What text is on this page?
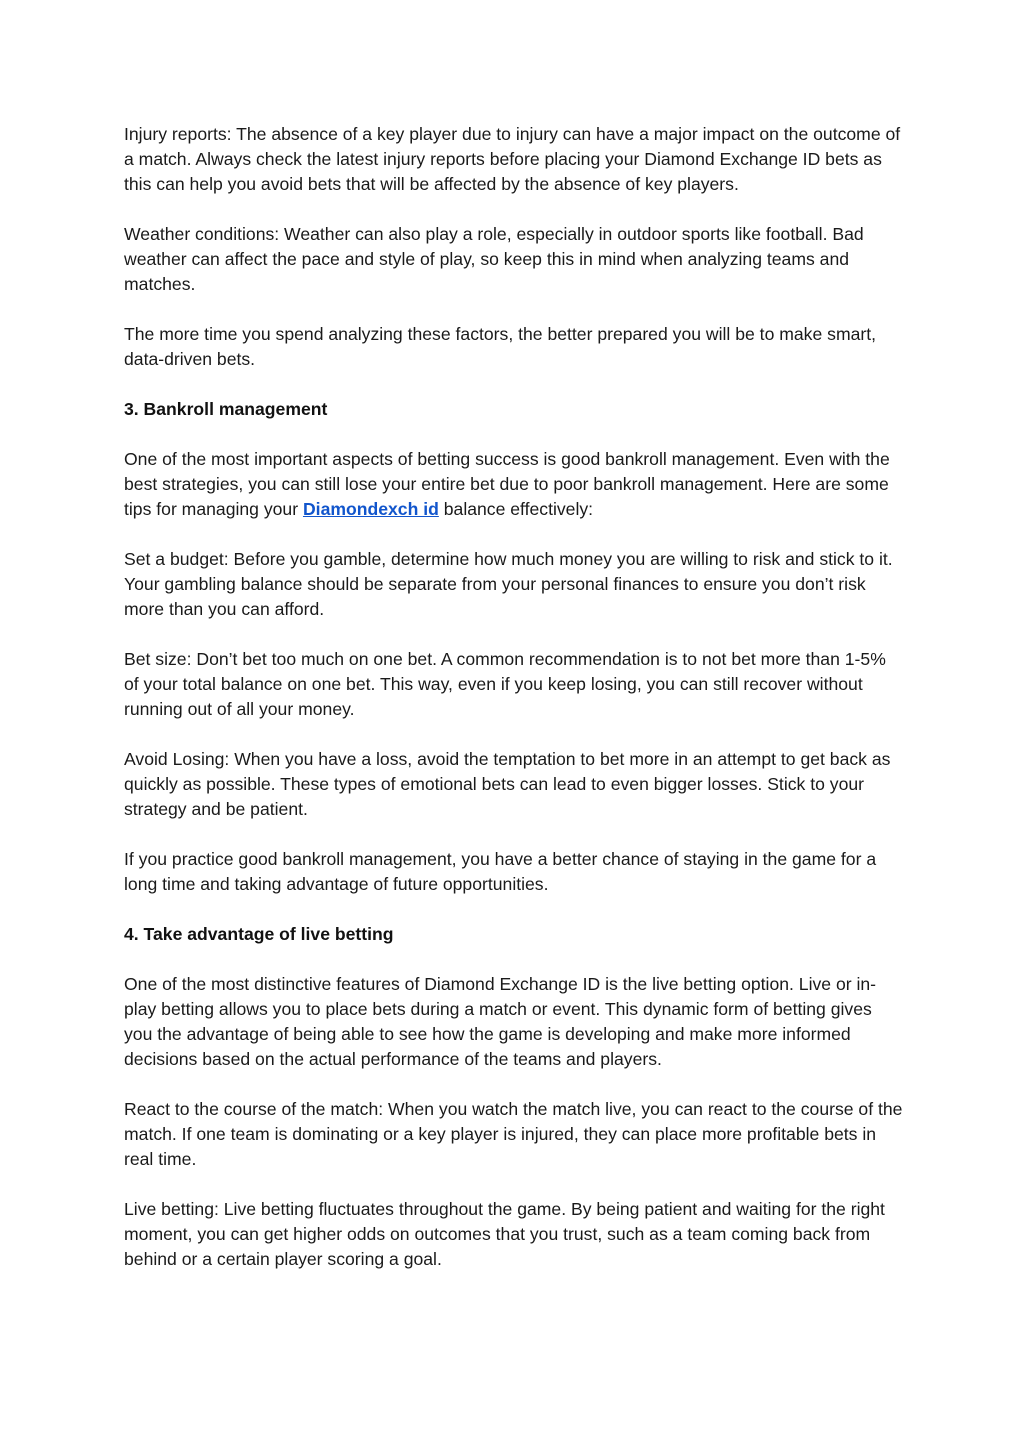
Injury reports: The absence of a key player due to injury can have a major impact on the outcome of a match. Always check the latest injury reports before placing your Diamond Exchange ID bets as this can help you avoid bets that will be affected by the absence of key players.

Weather conditions: Weather can also play a role, especially in outdoor sports like football. Bad weather can affect the pace and style of play, so keep this in mind when analyzing teams and matches.

The more time you spend analyzing these factors, the better prepared you will be to make smart, data-driven bets.

3. Bankroll management

One of the most important aspects of betting success is good bankroll management. Even with the best strategies, you can still lose your entire bet due to poor bankroll management. Here are some tips for managing your Diamondexch id balance effectively:

Set a budget: Before you gamble, determine how much money you are willing to risk and stick to it. Your gambling balance should be separate from your personal finances to ensure you don’t risk more than you can afford.

Bet size: Don’t bet too much on one bet. A common recommendation is to not bet more than 1-5% of your total balance on one bet. This way, even if you keep losing, you can still recover without running out of all your money.

Avoid Losing: When you have a loss, avoid the temptation to bet more in an attempt to get back as quickly as possible. These types of emotional bets can lead to even bigger losses. Stick to your strategy and be patient.

If you practice good bankroll management, you have a better chance of staying in the game for a long time and taking advantage of future opportunities.

4. Take advantage of live betting

One of the most distinctive features of Diamond Exchange ID is the live betting option. Live or in-play betting allows you to place bets during a match or event. This dynamic form of betting gives you the advantage of being able to see how the game is developing and make more informed decisions based on the actual performance of the teams and players.

React to the course of the match: When you watch the match live, you can react to the course of the match. If one team is dominating or a key player is injured, they can place more profitable bets in real time.

Live betting: Live betting fluctuates throughout the game. By being patient and waiting for the right moment, you can get higher odds on outcomes that you trust, such as a team coming back from behind or a certain player scoring a goal.
